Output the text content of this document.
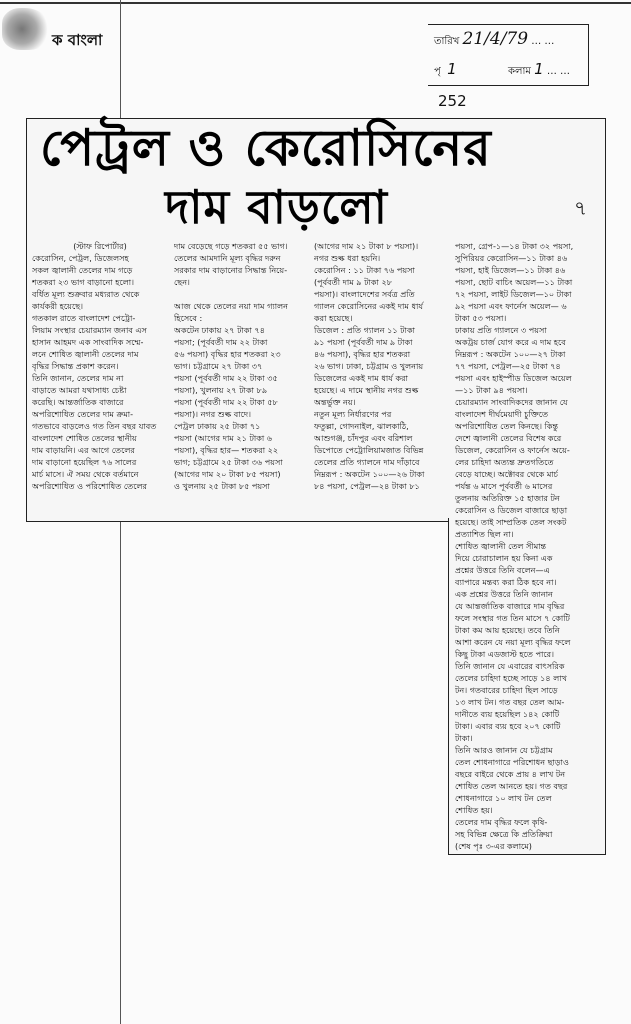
ক বাংলা	তারিখ 21/4/79 … …
পৃ 1	কলাম 1 … …
252
পেট্রল ও কেরোসিনের
দাম বাড়লো	৭
(স্টাফ রিপোর্টার)
কেরোসিন, পেট্রল, ডিজেলসহ
সকল জ্বালানী তেলের দাম গড়ে
শতকরা ২৩ ভাগ বাড়ানো হলো।
বর্ধিত মূল্য শুক্রবার মধ্যরাত থেকে
কার্যকরী হয়েছে।
গতকাল রাতে বাংলাদেশ পেট্রো-
লিয়াম সংস্থার চেয়ারম্যান জনাব এস
হাসান আহমদ এক সাংবাদিক সম্মে-
লনে শোধিত জ্বালানী তেলের দাম
বৃদ্ধির সিদ্ধান্ত প্রকাশ করেন।
তিনি জানান, তেলের দাম না
বাড়াতে আমরা যথাসাধ্য চেষ্টা
করেছি। আন্তর্জাতিক বাজারে
অপরিশোধিত তেলের দাম ক্রমা-
গতভাবে বাড়লেও গত তিন বছর যাবত
বাংলাদেশ শোধিত তেলের স্থানীয়
দাম বাড়ায়নি। এর আগে তেলের
দাম বাড়ানো হয়েছিল ৭৬ সালের
মার্চ মাসে। ঐ সময় থেকে বর্তমানে
অপরিশোধিত ও পরিশোধিত তেলের
দাম বেড়েছে গড়ে শতকরা ৫৫ ভাগ।
তেলের আমদানি মূল্য বৃদ্ধির দরুন
সরকার দাম বাড়ানোর সিদ্ধান্ত নিয়ে-
ছেন।
আজ থেকে তেলের নয়া দাম গ্যালন
হিসেবে :
অকটেন ঢাকায় ২৭ টাকা ৭৪
পয়সা; (পূর্ববর্তী দাম ২২ টাকা
৫৬ পয়সা) বৃদ্ধির হার শতকরা ২৩
ভাগ। চট্টগ্রামে ২৭ টাকা ৩৭
পয়সা (পূর্ববর্তী দাম ২২ টাকা ৩৫
পয়সা), খুলনায় ২৭ টাকা ৮৯
পয়সা (পূর্ববর্তী দাম ২২ টাকা ৫৮
পয়সা)। নগর শুল্ক বাদে।
পেট্রল ঢাকায় ২৫ টাকা ৭১
পয়সা (আগের দাম ২১ টাকা ৬
পয়সা), বৃদ্ধির হার— শতকরা ২২
ভাগ; চট্টগ্রামে ২৫ টাকা ৩৬ পয়সা
(আগের দাম ২০ টাকা ৮৫ পয়সা)
ও খুলনায় ২৫ টাকা ৮৫ পয়সা
(আগের দাম ২১ টাকা ৮ পয়সা)।
নগর শুল্ক ধরা হয়নি।
কেরোসিন : ১১ টাকা ৭৬ পয়সা
(পূর্ববর্তী দাম ৯ টাকা ২৮
পয়সা)। বাংলাদেশের সর্বত্র প্রতি
গ্যালন কেরোসিনের একই দাম ধার্য
করা হয়েছে।
ডিজেল : প্রতি গ্যালন ১১ টাকা
৯১ পয়সা (পূর্ববর্তী দাম ৯ টাকা
৪৬ পয়সা), বৃদ্ধির হার শতকরা
২৬ ভাগ। ঢাকা, চট্টগ্রাম ও খুলনায়
ডিজেলের একই দাম ধার্য করা
হয়েছে। এ দামে স্থানীয় নগর শুল্ক
অন্তর্ভুক্ত নয়।
নতুন মূল্য নির্ধারণের পর
ফতুল্লা, গোদনাইল, ঝালকাঠি,
আশুগঞ্জ, চাঁদপুর এবং বরিশাল
ডিপোতে পেট্রোলিয়ামজাত বিভিন্ন
তেলের প্রতি গ্যালনে দাম দাঁড়াবে
নিম্নরূপ : অকটেন ১০০—২৬ টাকা
৮৪ পয়সা, পেট্রল—২৪ টাকা ৮১
পয়সা, গ্রেপ-১—১৪ টাকা ৩২ পয়সা,
সুপিরিয়র কেরোসিন—১১ টাকা ৪৬
পয়সা, হাই ডিজেল—১১ টাকা ৪৬
পয়সা, ছোট বাচিং অয়েল—১১ টাকা
৭২ পয়সা, লাইট ডিজেল—১০ টাকা
৯২ পয়সা এবং ফার্নেস অয়েল— ৬
টাকা ৫৩ পয়সা।
ঢাকায় প্রতি গ্যালনে ৩ পয়সা
অকট্রয় চার্জ যোগ করে এ দাম হবে
নিম্নরূপ : অকটেন ১০০—২৭ টাকা
৭৭ পয়সা, পেট্রল—২৫ টাকা ৭৪
পয়সা এবং হাইস্পীড ডিজেল অয়েল
—১১ টাকা ৯৪ পয়সা।
চেয়ারম্যান সাংবাদিকদের জানান যে
বাংলাদেশ দীর্ঘমেয়াদী চুক্তিতে
অপরিশোধিত তেল কিনছে। কিন্তু
দেশে জ্বালানী তেলের বিশেষ করে
ডিজেল, কেরোসিন ও ফার্নেস অয়ে-
লের চাহিদা অত্যন্ত দ্রুতগতিতে
বেড়ে যাচ্ছে। অক্টোবর থেকে মার্চ
পর্যন্ত ৬ মাসে পূর্ববর্তী ৬ মাসের
তুলনায় অতিরিক্ত ১৫ হাজার টন
কেরোসিন ও ডিজেল বাজারে ছাড়া
হয়েছে। তাই সাম্প্রতিক তেল সংকট
প্রত্যাশিত ছিল না।
শোধিত জ্বালানী তেল সীমান্ত
দিয়ে চোরাচালান হয় কিনা এক
প্রশ্নের উত্তরে তিনি বলেন—এ
ব্যাপারে মন্তব্য করা ঠিক হবে না।
এক প্রশ্নের উত্তরে তিনি জানান
যে আন্তর্জাতিক বাজারে দাম বৃদ্ধির
ফলে সংস্থার গত তিন মাসে ৭ কোটি
টাকা কম আয় হয়েছে। তবে তিনি
আশা করেন যে নয়া মূল্য বৃদ্ধির ফলে
কিছু টাকা এডজাস্ট হতে পারে।
তিনি জানান যে এবারের বাৎসরিক
তেলের চাহিদা হচ্ছে সাড়ে ১৪ লাখ
টন। গতবারের চাহিদা ছিল সাড়ে
১৩ লাখ টন। গত বছর তেল আম-
দানীতে ব্যয় হয়েছিল ১৪২ কোটি
টাকা। এবার ব্যয় হবে ২০৭ কোটি
টাকা।
তিনি আরও জানান যে চট্টগ্রাম
তেল শোধনাগারে পরিশোধন ছাড়াও
বছরে বাইরে থেকে প্রায় ৪ লাখ টন
শোধিত তেল আনতে হয়। গত বছর
শোধনাগারে ১০ লাখ টন তেল
শোধিত হয়।
তেলের দাম বৃদ্ধির ফলে কৃষি-
সহ বিভিন্ন ক্ষেত্রে কি প্রতিক্রিয়া
(শেষ পৃঃ ৩-এর কলামে)
